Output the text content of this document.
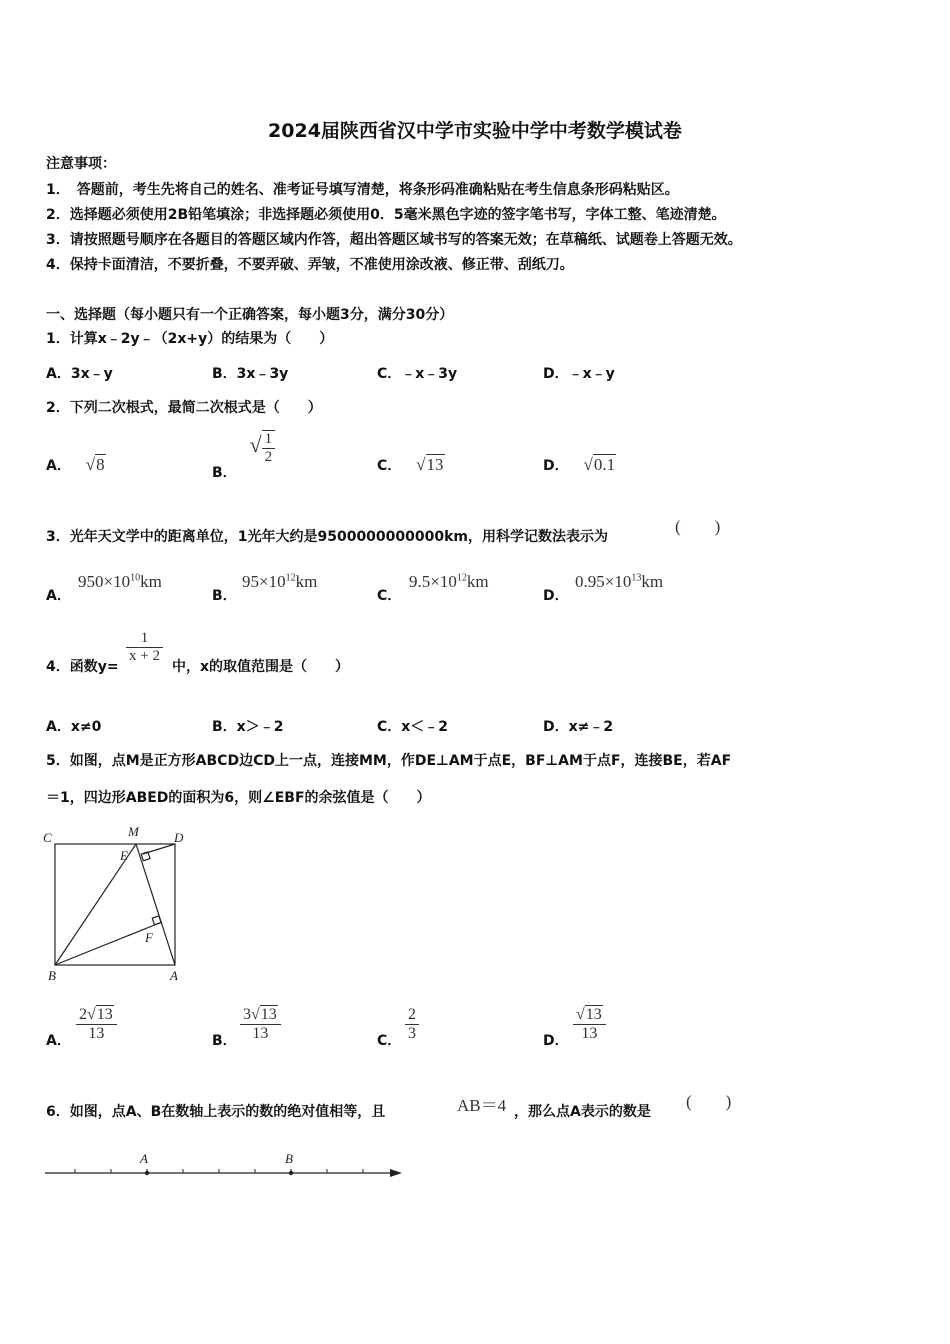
2024届陕西省汉中学市实验中学中考数学模试卷
注意事项：
1．　答题前，考生先将自己的姓名、准考证号填写清楚，将条形码准确粘贴在考生信息条形码粘贴区。
2．选择题必须使用2B铅笔填涂；非选择题必须使用0．5毫米黑色字迹的签字笔书写，字体工整、笔迹清楚。
3．请按照题号顺序在各题目的答题区域内作答，超出答题区域书写的答案无效；在草稿纸、试题卷上答题无效。
4．保持卡面清洁，不要折叠，不要弄破、弄皱，不准使用涂改液、修正带、刮纸刀。
一、选择题（每小题只有一个正确答案，每小题3分，满分30分）
1．计算x﹣2y﹣（2x+y）的结果为（　　）
A．3x﹣y	B．3x﹣3y	C．﹣x﹣3y	D．﹣x﹣y
2．下列二次根式，最简二次根式是（　　）
A． √8	B． √ $\frac{1}{2}$	C． √13	D． √0.1
3．光年天文学中的距离单位，1光年大约是9500000000000km，用科学记数法表示为
(　　)
A．
$950\times 10^{10}km$
B．
$95\times 10^{12}km$
C．
$9.5\times 10^{12}km$
D．
$0.95\times 10^{13}km$
4．函数y=
$\frac{1}{x + 2}$
中，x的取值范围是（　　）
A．x≠0	B．x＞﹣2	C．x＜﹣2	D．x≠﹣2
5．如图，点M是正方形ABCD边CD上一点，连接MM，作DE⊥AM于点E，BF⊥AM于点F，连接BE，若AF
＝1，四边形ABED的面积为6，则∠EBF的余弦值是（　　）
C	M	D
E
F
B	A
A． $\frac{2√13}{13}$	B． $\frac{3√13}{13}$	C． $\frac{2}{3}$	D． $\frac{√13}{13}$
6．如图，点A、B在数轴上表示的数的绝对值相等，且	AB＝4 ，那么点A表示的数是
(　　)
A	B
